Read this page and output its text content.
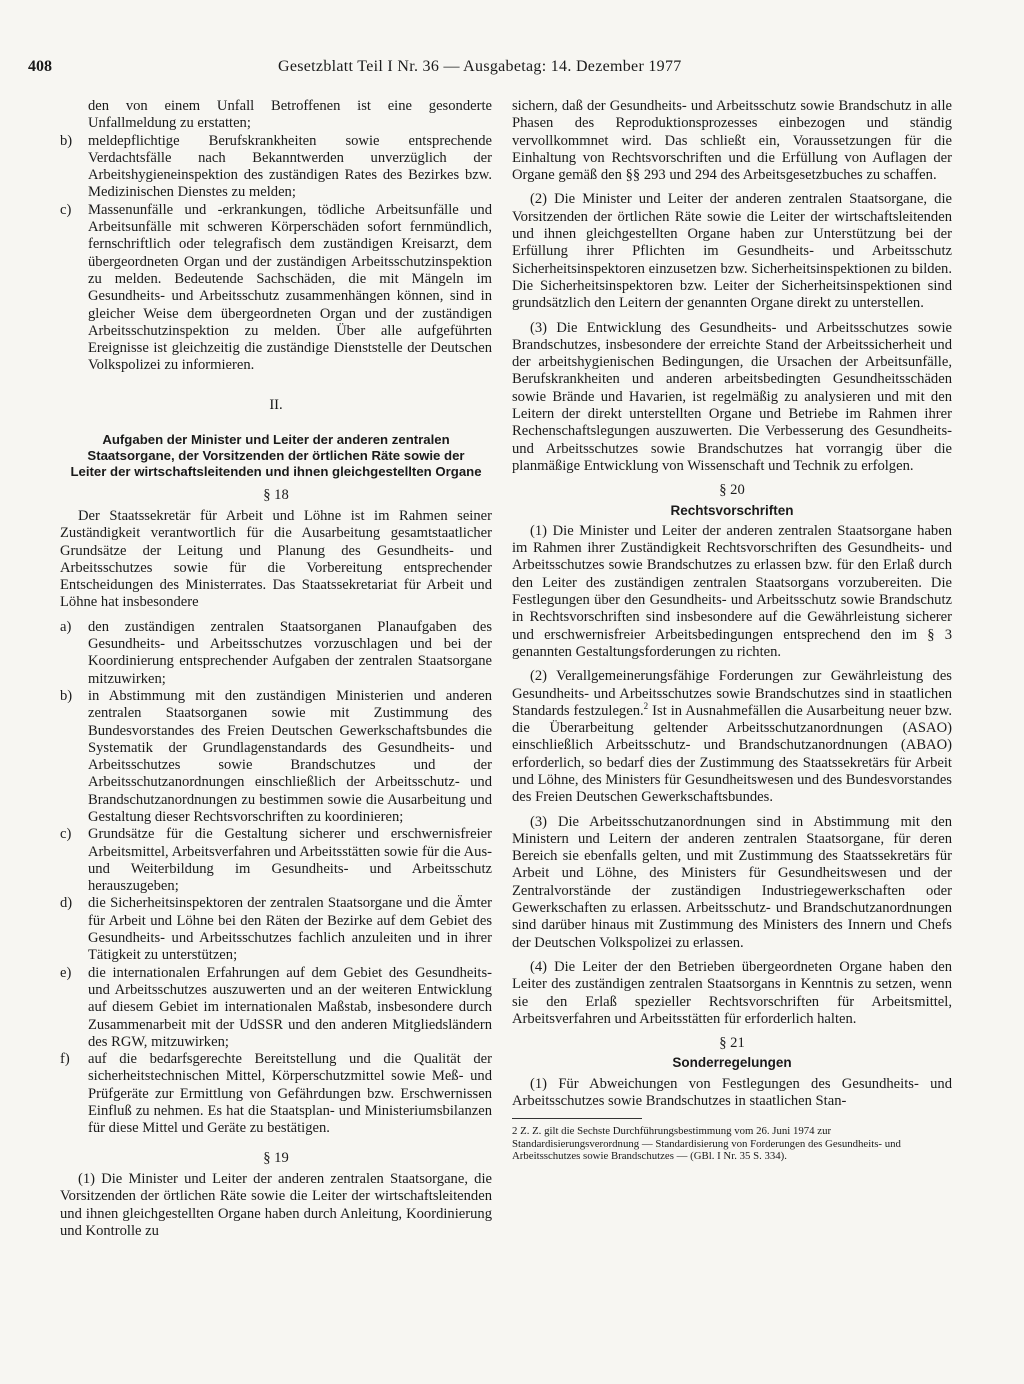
408	Gesetzblatt Teil I Nr. 36 — Ausgabetag: 14. Dezember 1977

den von einem Unfall Betroffenen ist eine gesonderte Unfallmeldung zu erstatten;

b) meldepflichtige Berufskrankheiten sowie entsprechende Verdachtsfälle nach Bekanntwerden unverzüglich der Arbeitshygieneinspektion des zuständigen Rates des Bezirkes bzw. Medizinischen Dienstes zu melden;

c) Massenunfälle und -erkrankungen, tödliche Arbeitsunfälle und Arbeitsunfälle mit schweren Körperschäden sofort fernmündlich, fernschriftlich oder telegrafisch dem zuständigen Kreisarzt, dem übergeordneten Organ und der zuständigen Arbeitsschutzinspektion zu melden. Bedeutende Sachschäden, die mit Mängeln im Gesundheits- und Arbeitsschutz zusammenhängen können, sind in gleicher Weise dem übergeordneten Organ und der zuständigen Arbeitsschutzinspektion zu melden. Über alle aufgeführten Ereignisse ist gleichzeitig die zuständige Dienststelle der Deutschen Volkspolizei zu informieren.

II.
Aufgaben der Minister und Leiter der anderen zentralen Staatsorgane, der Vorsitzenden der örtlichen Räte sowie der Leiter der wirtschaftsleitenden und ihnen gleichgestellten Organe
§ 18

Der Staatssekretär für Arbeit und Löhne ist im Rahmen seiner Zuständigkeit verantwortlich für die Ausarbeitung gesamtstaatlicher Grundsätze der Leitung und Planung des Gesundheits- und Arbeitsschutzes sowie für die Vorbereitung entsprechender Entscheidungen des Ministerrates. Das Staatssekretariat für Arbeit und Löhne hat insbesondere

a) den zuständigen zentralen Staatsorganen Planaufgaben des Gesundheits- und Arbeitsschutzes vorzuschlagen und bei der Koordinierung entsprechender Aufgaben der zentralen Staatsorgane mitzuwirken;

b) in Abstimmung mit den zuständigen Ministerien und anderen zentralen Staatsorganen sowie mit Zustimmung des Bundesvorstandes des Freien Deutschen Gewerkschaftsbundes die Systematik der Grundlagenstandards des Gesundheits- und Arbeitsschutzes sowie Brandschutzes und der Arbeitsschutzanordnungen einschließlich der Arbeitsschutz- und Brandschutzanordnungen zu bestimmen sowie die Ausarbeitung und Gestaltung dieser Rechtsvorschriften zu koordinieren;

c) Grundsätze für die Gestaltung sicherer und erschwernisfreier Arbeitsmittel, Arbeitsverfahren und Arbeitsstätten sowie für die Aus- und Weiterbildung im Gesundheits- und Arbeitsschutz herauszugeben;

d) die Sicherheitsinspektoren der zentralen Staatsorgane und die Ämter für Arbeit und Löhne bei den Räten der Bezirke auf dem Gebiet des Gesundheits- und Arbeitsschutzes fachlich anzuleiten und in ihrer Tätigkeit zu unterstützen;

e) die internationalen Erfahrungen auf dem Gebiet des Gesundheits- und Arbeitsschutzes auszuwerten und an der weiteren Entwicklung auf diesem Gebiet im internationalen Maßstab, insbesondere durch Zusammenarbeit mit der UdSSR und den anderen Mitgliedsländern des RGW, mitzuwirken;

f) auf die bedarfsgerechte Bereitstellung und die Qualität der sicherheitstechnischen Mittel, Körperschutzmittel sowie Meß- und Prüfgeräte zur Ermittlung von Gefährdungen bzw. Erschwernissen Einfluß zu nehmen. Es hat die Staatsplan- und Ministeriumsbilanzen für diese Mittel und Geräte zu bestätigen.

§ 19

(1) Die Minister und Leiter der anderen zentralen Staatsorgane, die Vorsitzenden der örtlichen Räte sowie die Leiter der wirtschaftsleitenden und ihnen gleichgestellten Organe haben durch Anleitung, Koordinierung und Kontrolle zu

sichern, daß der Gesundheits- und Arbeitsschutz sowie Brandschutz in alle Phasen des Reproduktionsprozesses einbezogen und ständig vervollkommnet wird. Das schließt ein, Voraussetzungen für die Einhaltung von Rechtsvorschriften und die Erfüllung von Auflagen der Organe gemäß den §§ 293 und 294 des Arbeitsgesetzbuches zu schaffen.

(2) Die Minister und Leiter der anderen zentralen Staatsorgane, die Vorsitzenden der örtlichen Räte sowie die Leiter der wirtschaftsleitenden und ihnen gleichgestellten Organe haben zur Unterstützung bei der Erfüllung ihrer Pflichten im Gesundheits- und Arbeitsschutz Sicherheitsinspektoren einzusetzen bzw. Sicherheitsinspektionen zu bilden. Die Sicherheitsinspektoren bzw. Leiter der Sicherheitsinspektionen sind grundsätzlich den Leitern der genannten Organe direkt zu unterstellen.

(3) Die Entwicklung des Gesundheits- und Arbeitsschutzes sowie Brandschutzes, insbesondere der erreichte Stand der Arbeitssicherheit und der arbeitshygienischen Bedingungen, die Ursachen der Arbeitsunfälle, Berufskrankheiten und anderen arbeitsbedingten Gesundheitsschäden sowie Brände und Havarien, ist regelmäßig zu analysieren und mit den Leitern der direkt unterstellten Organe und Betriebe im Rahmen ihrer Rechenschaftslegungen auszuwerten. Die Verbesserung des Gesundheits- und Arbeitsschutzes sowie Brandschutzes hat vorrangig über die planmäßige Entwicklung von Wissenschaft und Technik zu erfolgen.

§ 20
Rechtsvorschriften

(1) Die Minister und Leiter der anderen zentralen Staatsorgane haben im Rahmen ihrer Zuständigkeit Rechtsvorschriften des Gesundheits- und Arbeitsschutzes sowie Brandschutzes zu erlassen bzw. für den Erlaß durch den Leiter des zuständigen zentralen Staatsorgans vorzubereiten. Die Festlegungen über den Gesundheits- und Arbeitsschutz sowie Brandschutz in Rechtsvorschriften sind insbesondere auf die Gewährleistung sicherer und erschwernisfreier Arbeitsbedingungen entsprechend den im § 3 genannten Gestaltungsforderungen zu richten.

(2) Verallgemeinerungsfähige Forderungen zur Gewährleistung des Gesundheits- und Arbeitsschutzes sowie Brandschutzes sind in staatlichen Standards festzulegen.$^2$ Ist in Ausnahmefällen die Ausarbeitung neuer bzw. die Überarbeitung geltender Arbeitsschutzanordnungen (ASAO) einschließlich Arbeitsschutz- und Brandschutzanordnungen (ABAO) erforderlich, so bedarf dies der Zustimmung des Staatssekretärs für Arbeit und Löhne, des Ministers für Gesundheitswesen und des Bundesvorstandes des Freien Deutschen Gewerkschaftsbundes.

(3) Die Arbeitsschutzanordnungen sind in Abstimmung mit den Ministern und Leitern der anderen zentralen Staatsorgane, für deren Bereich sie ebenfalls gelten, und mit Zustimmung des Staatssekretärs für Arbeit und Löhne, des Ministers für Gesundheitswesen und der Zentralvorstände der zuständigen Industriegewerkschaften oder Gewerkschaften zu erlassen. Arbeitsschutz- und Brandschutzanordnungen sind darüber hinaus mit Zustimmung des Ministers des Innern und Chefs der Deutschen Volkspolizei zu erlassen.

(4) Die Leiter der den Betrieben übergeordneten Organe haben den Leiter des zuständigen zentralen Staatsorgans in Kenntnis zu setzen, wenn sie den Erlaß spezieller Rechtsvorschriften für Arbeitsmittel, Arbeitsverfahren und Arbeitsstätten für erforderlich halten.

§ 21
Sonderregelungen

(1) Für Abweichungen von Festlegungen des Gesundheits- und Arbeitsschutzes sowie Brandschutzes in staatlichen Stan-

2 Z. Z. gilt die Sechste Durchführungsbestimmung vom 26. Juni 1974 zur Standardisierungsverordnung — Standardisierung von Forderungen des Gesundheits- und Arbeitsschutzes sowie Brandschutzes — (GBl. I Nr. 35 S. 334).
